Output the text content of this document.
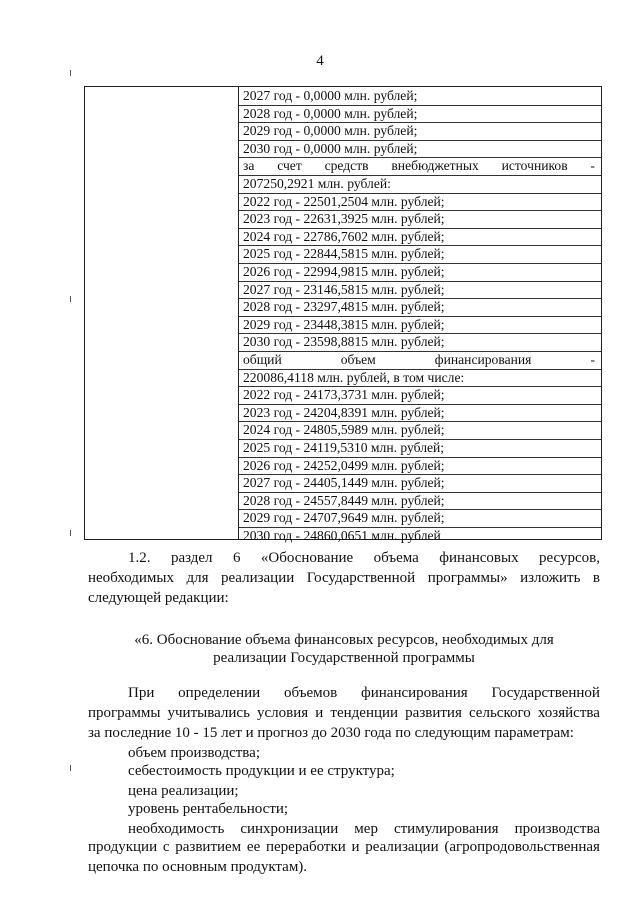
4
2027 год - 0,0000 млн. рублей;
2028 год - 0,0000 млн. рублей;
2029 год - 0,0000 млн. рублей;
2030 год - 0,0000 млн. рублей;
за счет средств внебюджетных источников -
207250,2921 млн. рублей:
2022 год - 22501,2504 млн. рублей;
2023 год - 22631,3925 млн. рублей;
2024 год - 22786,7602 млн. рублей;
2025 год - 22844,5815 млн. рублей;
2026 год - 22994,9815 млн. рублей;
2027 год - 23146,5815 млн. рублей;
2028 год - 23297,4815 млн. рублей;
2029 год - 23448,3815 млн. рублей;
2030 год - 23598,8815 млн. рублей;
общий	объем	финансирования	-
220086,4118 млн. рублей, в том числе:
2022 год - 24173,3731 млн. рублей;
2023 год - 24204,8391 млн. рублей;
2024 год - 24805,5989 млн. рублей;
2025 год - 24119,5310 млн. рублей;
2026 год - 24252,0499 млн. рублей;
2027 год - 24405,1449 млн. рублей;
2028 год - 24557,8449 млн. рублей;
2029 год - 24707,9649 млн. рублей;
2030 год - 24860,0651 млн. рублей
1.2. раздел 6 «Обоснование объема финансовых ресурсов,
необходимых для реализации Государственной программы» изложить в
следующей редакции:
«6. Обоснование объема финансовых ресурсов, необходимых для
реализации Государственной программы
При определении объемов финансирования Государственной
программы учитывались условия и тенденции развития сельского хозяйства
за последние 10 - 15 лет и прогноз до 2030 года по следующим параметрам:
объем производства;
себестоимость продукции и ее структура;
цена реализации;
уровень рентабельности;
необходимость синхронизации мер стимулирования производства
продукции с развитием ее переработки и реализации (агропродовольственная
цепочка по основным продуктам).
